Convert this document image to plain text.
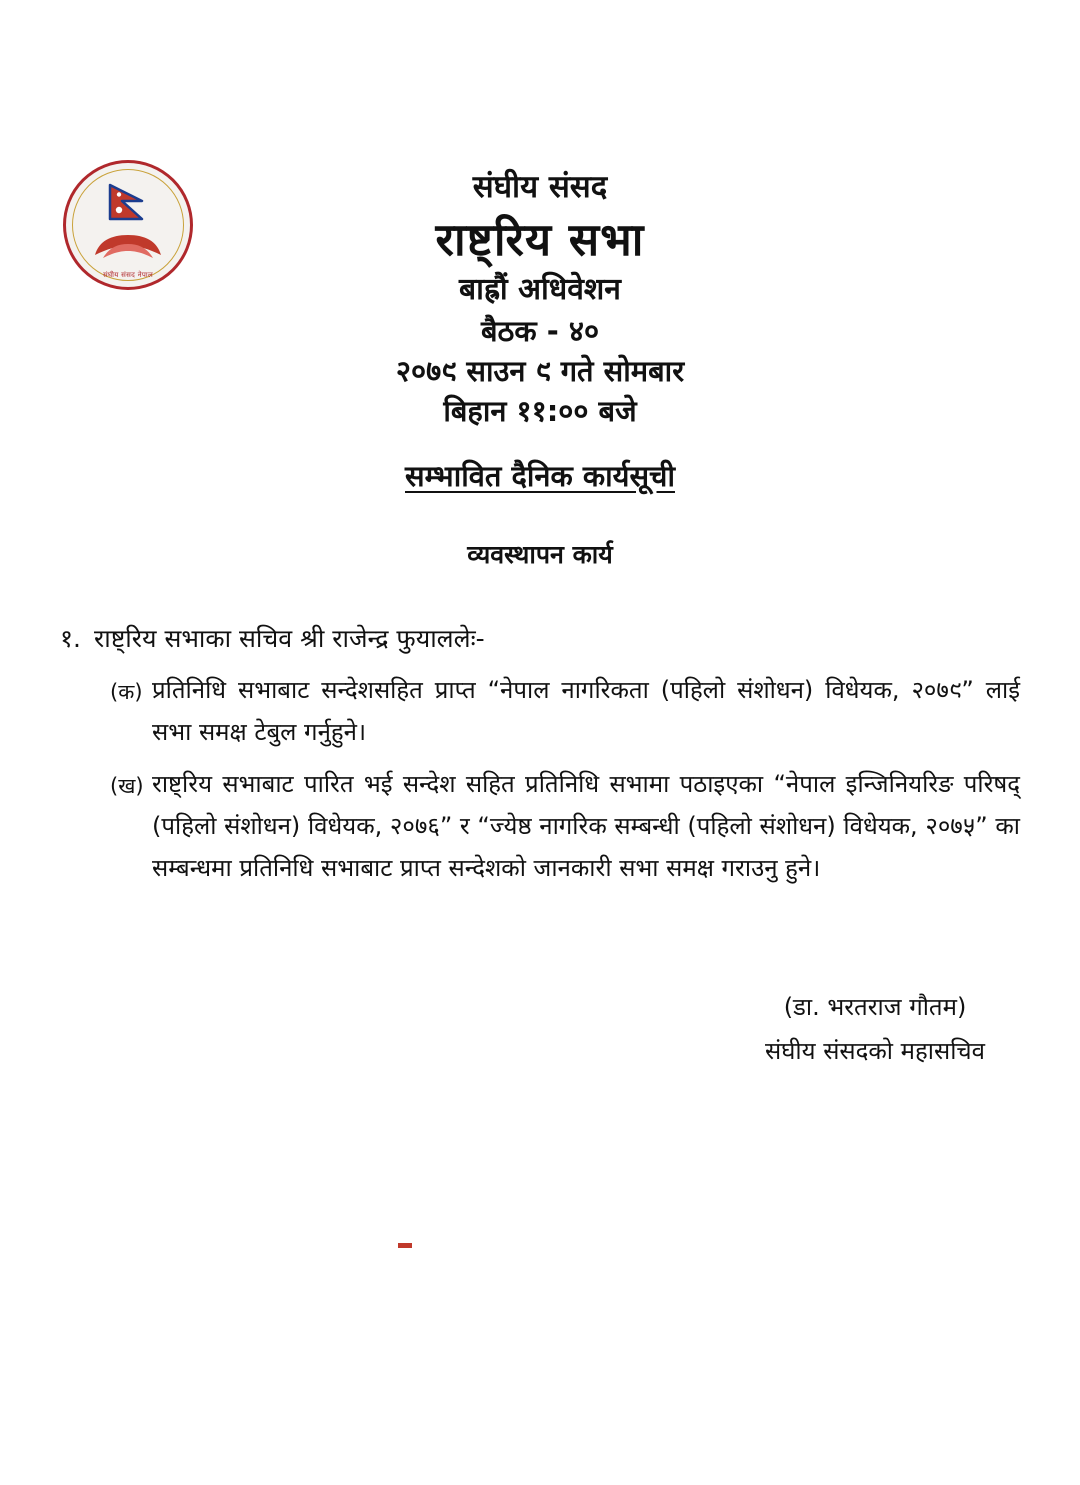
संघीय संसद नेपाल
संघीय संसद
राष्ट्रिय सभा
बाह्रौं अधिवेशन
बैठक - ४०
२०७९ साउन ९ गते सोमबार
बिहान ११:०० बजे
सम्भावित दैनिक कार्यसूची
व्यवस्थापन कार्य
१. राष्ट्रिय सभाका सचिव श्री राजेन्द्र फुयाललेः-
(क) प्रतिनिधि सभाबाट सन्देशसहित प्राप्त “नेपाल नागरिकता (पहिलो संशोधन) विधेयक, २०७९” लाई सभा समक्ष टेबुल गर्नुहुने।
(ख) राष्ट्रिय सभाबाट पारित भई सन्देश सहित प्रतिनिधि सभामा पठाइएका “नेपाल इन्जिनियरिङ परिषद् (पहिलो संशोधन) विधेयक, २०७६” र “ज्येष्ठ नागरिक सम्बन्धी (पहिलो संशोधन) विधेयक, २०७५” का सम्बन्धमा प्रतिनिधि सभाबाट प्राप्त सन्देशको जानकारी सभा समक्ष गराउनु हुने।
(डा. भरतराज गौतम)
संघीय संसदको महासचिव
